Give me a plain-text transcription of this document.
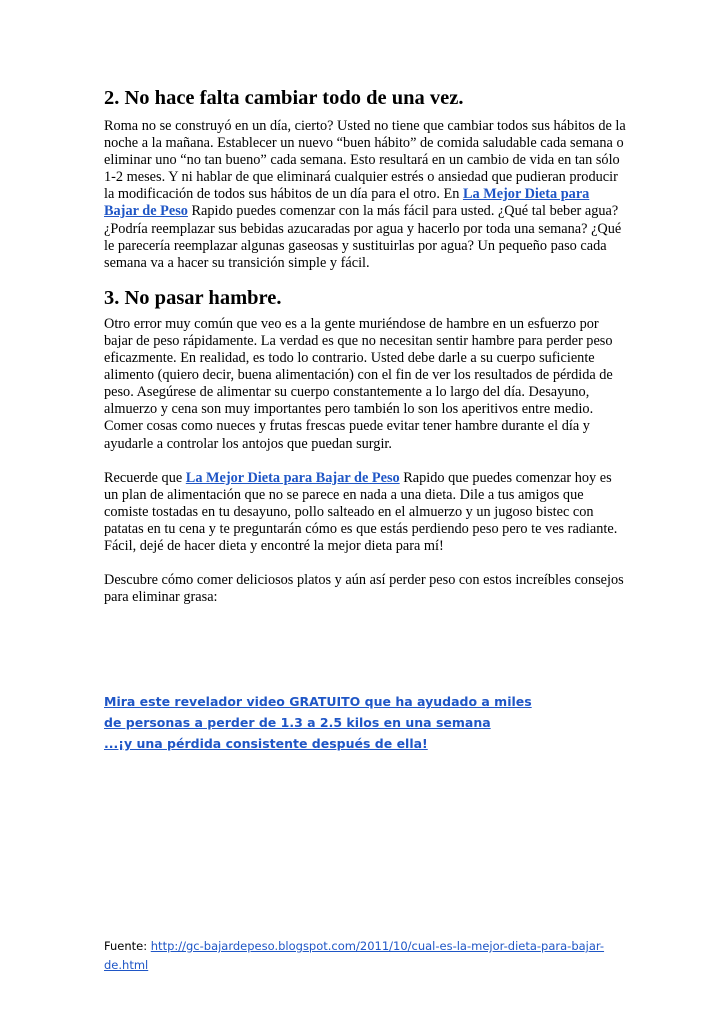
2. No hace falta cambiar todo de una vez.

Roma no se construyó en un día, cierto? Usted no tiene que cambiar todos sus hábitos de la noche a la mañana. Establecer un nuevo “buen hábito” de comida saludable cada semana o eliminar uno “no tan bueno” cada semana. Esto resultará en un cambio de vida en tan sólo 1-2 meses. Y ni hablar de que eliminará cualquier estrés o ansiedad que pudieran producir la modificación de todos sus hábitos de un día para el otro. En La Mejor Dieta para Bajar de Peso Rapido puedes comenzar con la más fácil para usted. ¿Qué tal beber agua? ¿Podría reemplazar sus bebidas azucaradas por agua y hacerlo por toda una semana? ¿Qué le parecería reemplazar algunas gaseosas y sustituirlas por agua? Un pequeño paso cada semana va a hacer su transición simple y fácil.

3. No pasar hambre.

Otro error muy común que veo es a la gente muriéndose de hambre en un esfuerzo por bajar de peso rápidamente. La verdad es que no necesitan sentir hambre para perder peso eficazmente. En realidad, es todo lo contrario. Usted debe darle a su cuerpo suficiente alimento (quiero decir, buena alimentación) con el fin de ver los resultados de pérdida de peso. Asegúrese de alimentar su cuerpo constantemente a lo largo del día. Desayuno, almuerzo y cena son muy importantes pero también lo son los aperitivos entre medio. Comer cosas como nueces y frutas frescas puede evitar tener hambre durante el día y ayudarle a controlar los antojos que puedan surgir.

Recuerde que La Mejor Dieta para Bajar de Peso Rapido que puedes comenzar hoy es un plan de alimentación que no se parece en nada a una dieta. Dile a tus amigos que comiste tostadas en tu desayuno, pollo salteado en el almuerzo y un jugoso bistec con patatas en tu cena y te preguntarán cómo es que estás perdiendo peso pero te ves radiante. Fácil, dejé de hacer dieta y encontré la mejor dieta para mí!

Descubre cómo comer deliciosos platos y aún así perder peso con estos increíbles consejos para eliminar grasa:

Mira este revelador video GRATUITO que ha ayudado a miles
de personas a perder de 1.3 a 2.5 kilos en una semana
...¡y una pérdida consistente después de ella!
Fuente: http://gc-bajardepeso.blogspot.com/2011/10/cual-es-la-mejor-dieta-para-bajar-de.html
